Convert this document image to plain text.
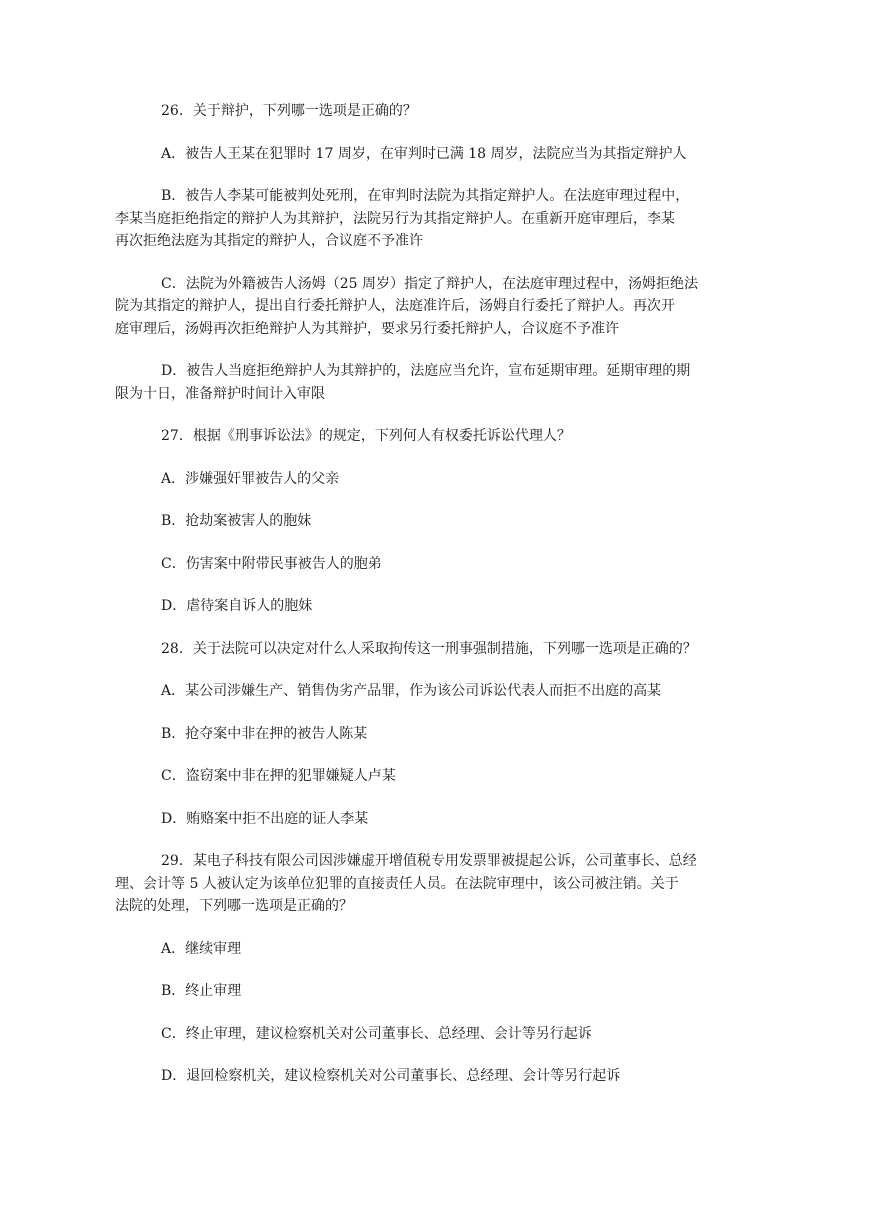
26．关于辩护，下列哪一选项是正确的？

A．被告人王某在犯罪时 17 周岁，在审判时已满 18 周岁，法院应当为其指定辩护人

B．被告人李某可能被判处死刑，在审判时法院为其指定辩护人。在法庭审理过程中，
李某当庭拒绝指定的辩护人为其辩护，法院另行为其指定辩护人。在重新开庭审理后，李某
再次拒绝法庭为其指定的辩护人，合议庭不予准许

C．法院为外籍被告人汤姆（25 周岁）指定了辩护人，在法庭审理过程中，汤姆拒绝法
院为其指定的辩护人，提出自行委托辩护人，法庭准许后，汤姆自行委托了辩护人。再次开
庭审理后，汤姆再次拒绝辩护人为其辩护，要求另行委托辩护人，合议庭不予准许

D．被告人当庭拒绝辩护人为其辩护的，法庭应当允许，宣布延期审理。延期审理的期
限为十日，准备辩护时间计入审限

27．根据《刑事诉讼法》的规定，下列何人有权委托诉讼代理人？

A．涉嫌强奸罪被告人的父亲

B．抢劫案被害人的胞妹

C．伤害案中附带民事被告人的胞弟

D．虐待案自诉人的胞妹

28．关于法院可以决定对什么人采取拘传这一刑事强制措施，下列哪一选项是正确的？

A．某公司涉嫌生产、销售伪劣产品罪，作为该公司诉讼代表人而拒不出庭的高某

B．抢夺案中非在押的被告人陈某

C．盗窃案中非在押的犯罪嫌疑人卢某

D．贿赂案中拒不出庭的证人李某

29．某电子科技有限公司因涉嫌虚开增值税专用发票罪被提起公诉，公司董事长、总经
理、会计等 5 人被认定为该单位犯罪的直接责任人员。在法院审理中，该公司被注销。关于
法院的处理，下列哪一选项是正确的？

A．继续审理

B．终止审理

C．终止审理，建议检察机关对公司董事长、总经理、会计等另行起诉

D．退回检察机关，建议检察机关对公司董事长、总经理、会计等另行起诉
